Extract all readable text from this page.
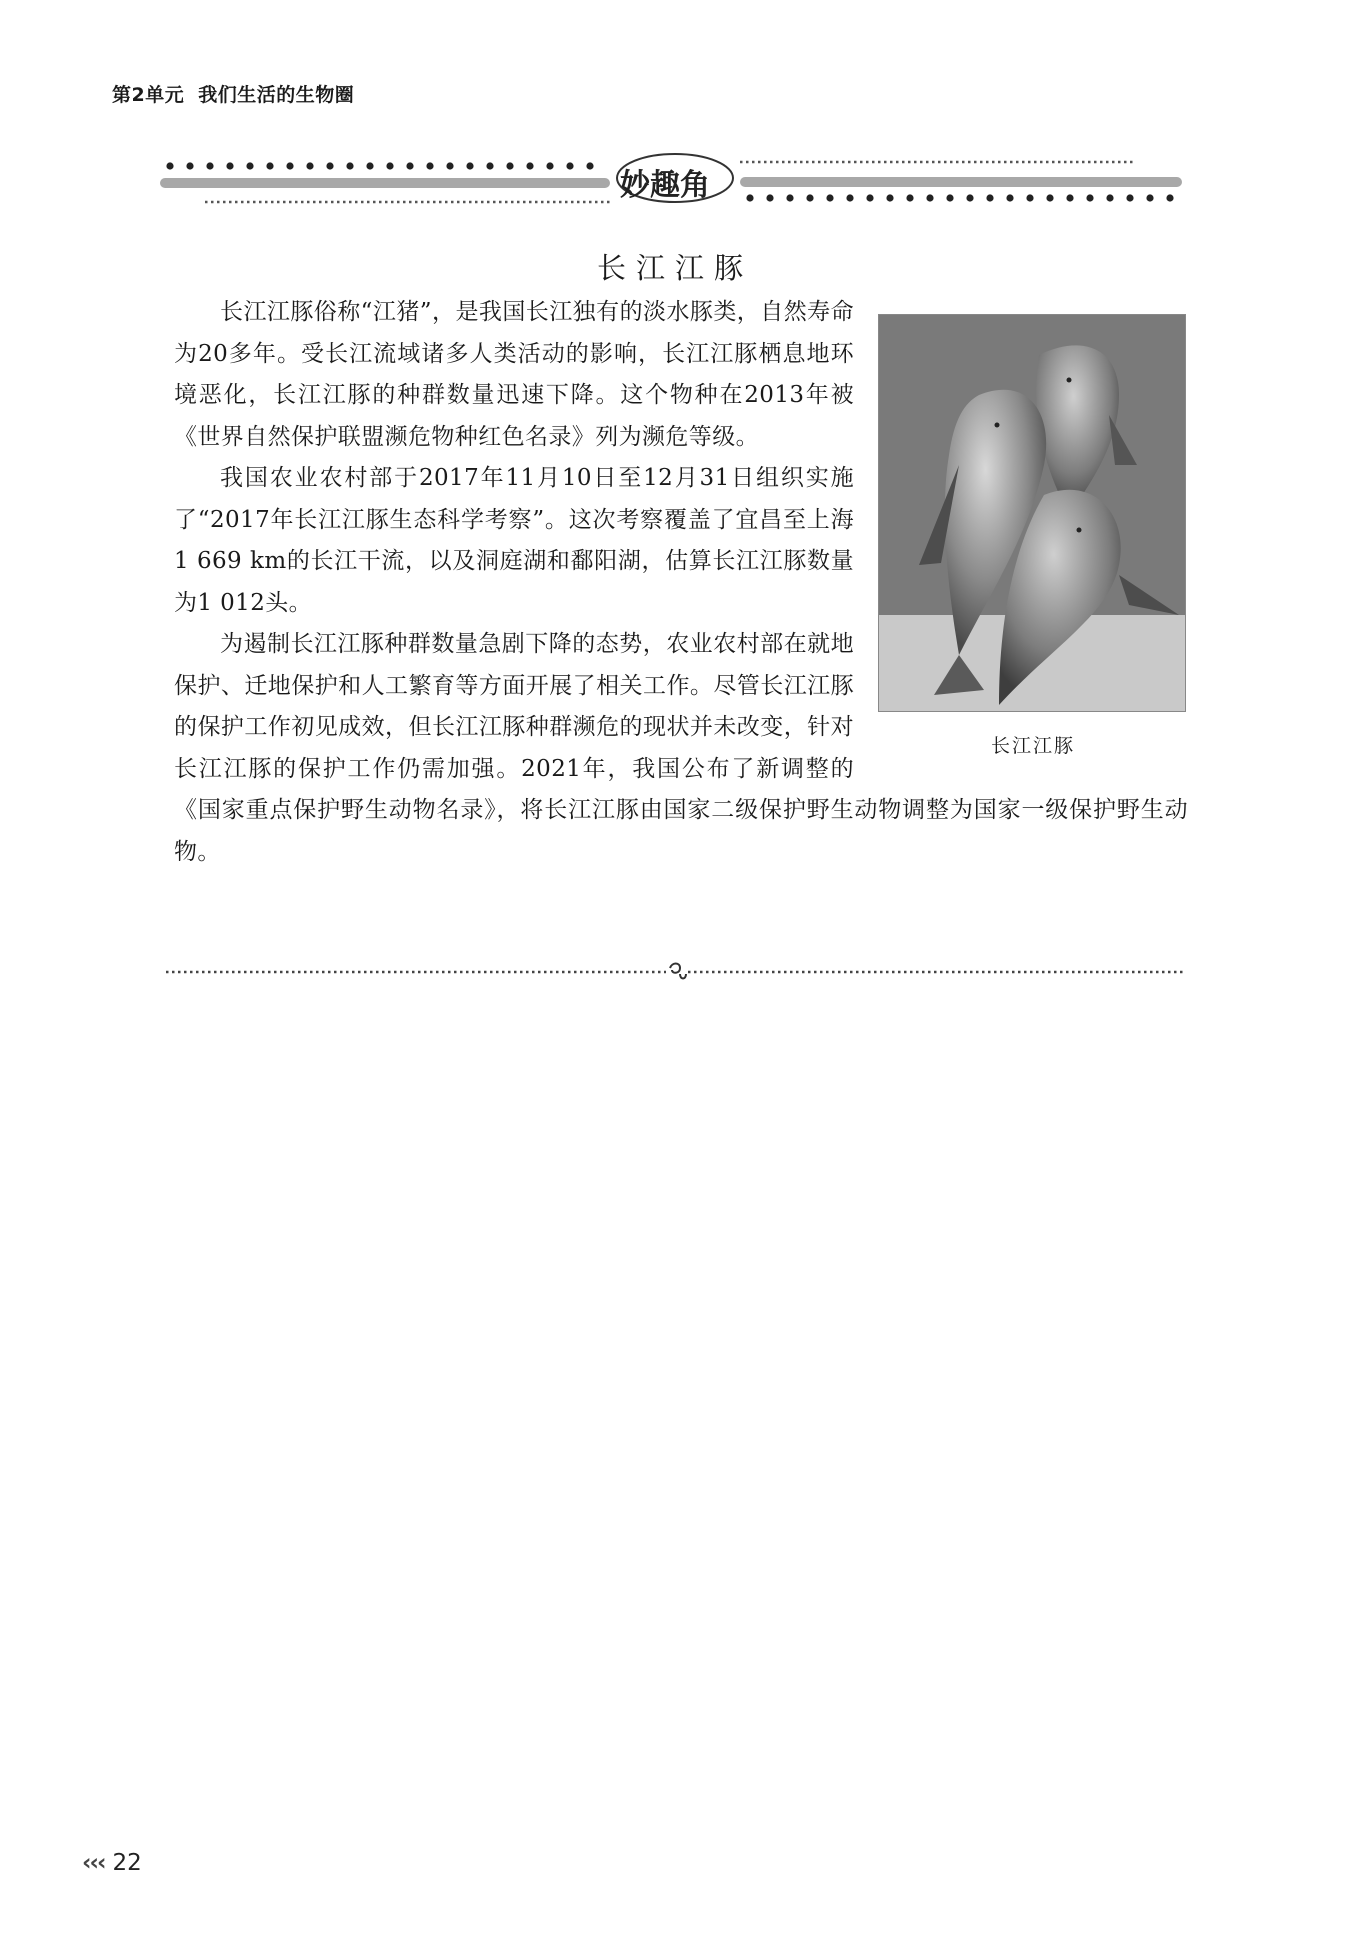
第2单元 我们生活的生物圈
妙趣角
长江江豚
长江江豚

长江江豚俗称“江猪”，是我国长江独有的淡水豚类，自然寿命为20多年。受长江流域诸多人类活动的影响，长江江豚栖息地环境恶化，长江江豚的种群数量迅速下降。这个物种在2013年被《世界自然保护联盟濒危物种红色名录》列为濒危等级。

我国农业农村部于2017年11月10日至12月31日组织实施了“2017年长江江豚生态科学考察”。这次考察覆盖了宜昌至上海1 669 km的长江干流，以及洞庭湖和鄱阳湖，估算长江江豚数量为1 012头。

为遏制长江江豚种群数量急剧下降的态势，农业农村部在就地保护、迁地保护和人工繁育等方面开展了相关工作。尽管长江江豚的保护工作初见成效，但长江江豚种群濒危的现状并未改变，针对长江江豚的保护工作仍需加强。2021年，我国公布了新调整的《国家重点保护野生动物名录》，将长江江豚由国家二级保护野生动物调整为国家一级保护野生动物。

‹‹‹ 22
